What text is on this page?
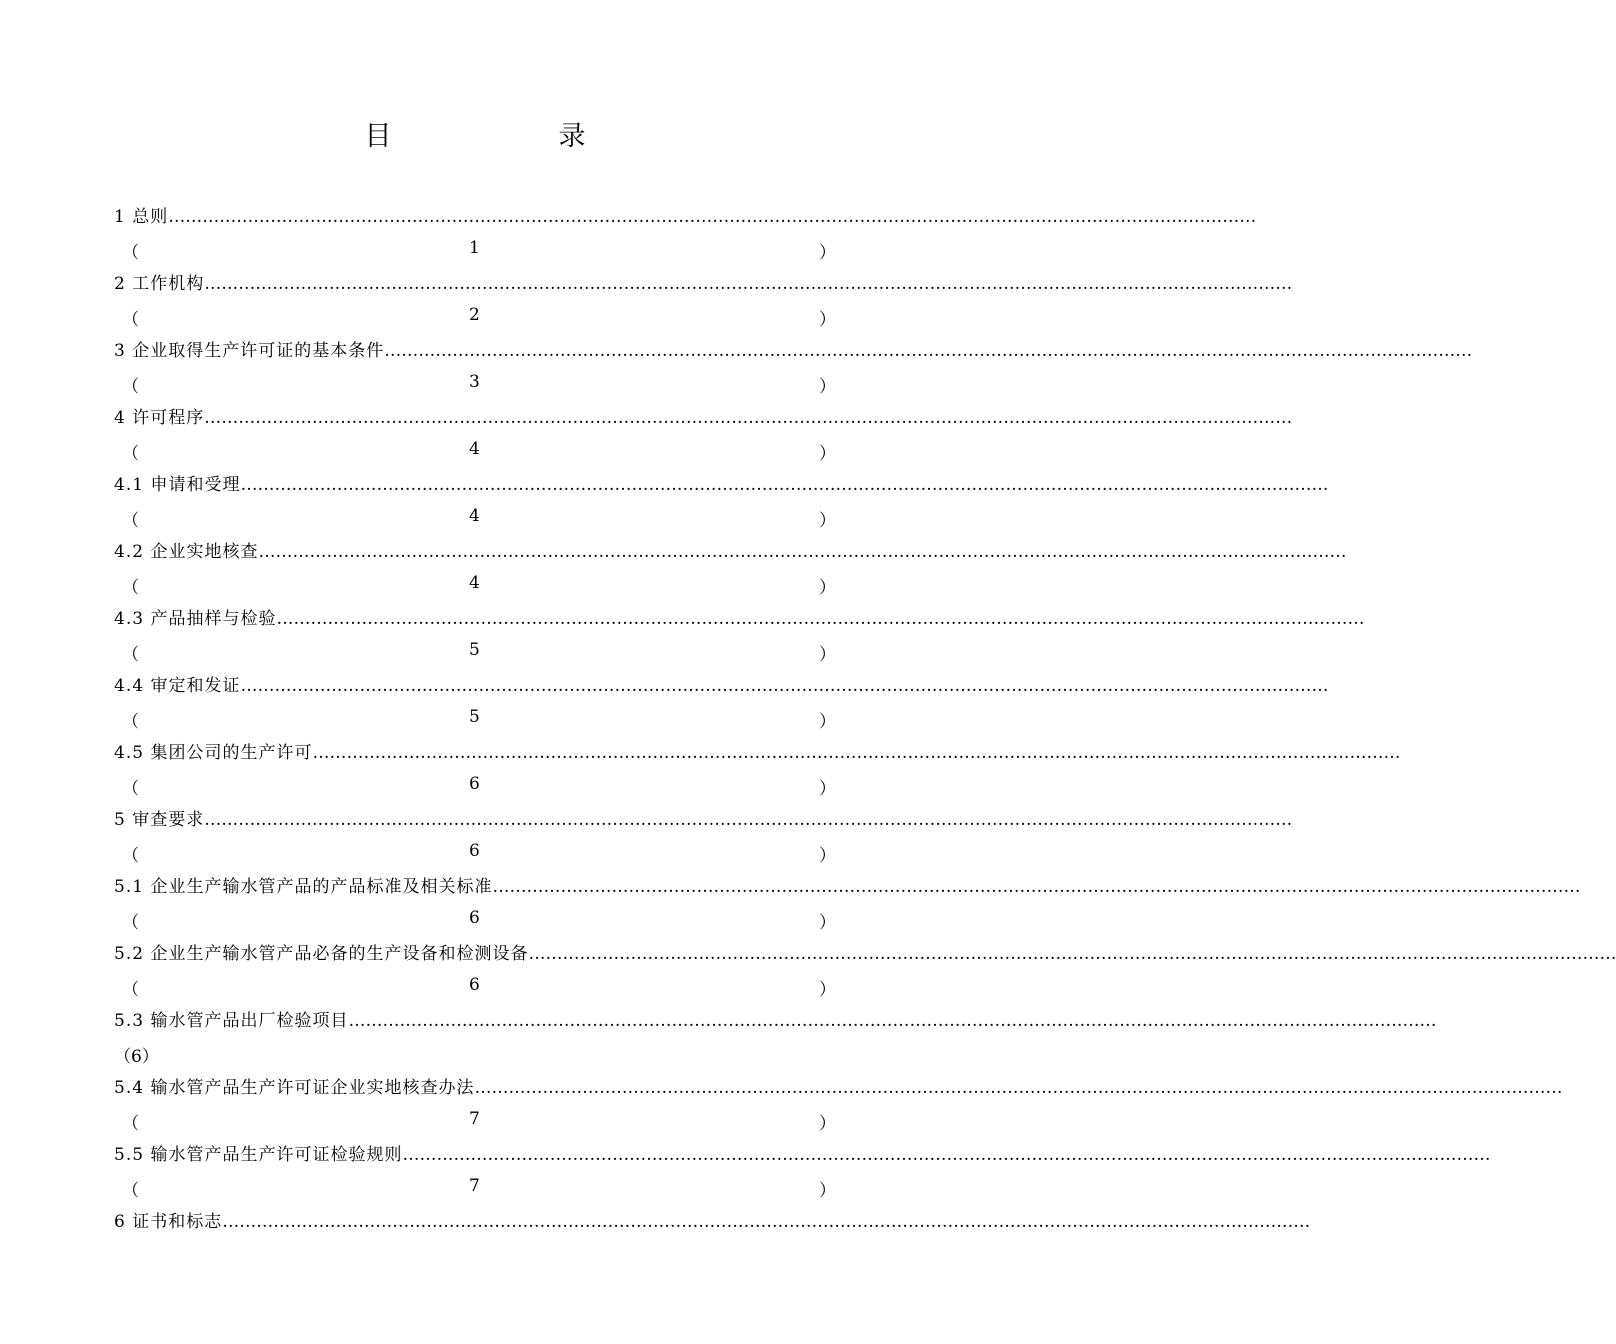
目　录
1 总则 …………………………………………………………………………………………………………………………………………………………………………
（	1	）
2 工作机构 …………………………………………………………………………………………………………………………………………………………………………
（	2	）
3 企业取得生产许可证的基本条件 …………………………………………………………………………………………………………………………………………………………………………
（	3	）
4 许可程序 …………………………………………………………………………………………………………………………………………………………………………
（	4	）
4.1 申请和受理 …………………………………………………………………………………………………………………………………………………………………………
（	4	）
4.2 企业实地核查 …………………………………………………………………………………………………………………………………………………………………………
（	4	）
4.3 产品抽样与检验 …………………………………………………………………………………………………………………………………………………………………………
（	5	）
4.4 审定和发证 …………………………………………………………………………………………………………………………………………………………………………
（	5	）
4.5 集团公司的生产许可 …………………………………………………………………………………………………………………………………………………………………………
（	6	）
5 审查要求 …………………………………………………………………………………………………………………………………………………………………………
（	6	）
5.1 企业生产输水管产品的产品标准及相关标准 …………………………………………………………………………………………………………………………………………………………………………
（	6	）
5.2 企业生产输水管产品必备的生产设备和检测设备 …………………………………………………………………………………………………………………………………………………………………………
（	6	）
5.3 输水管产品出厂检验项目 …………………………………………………………………………………………………………………………………………………………………………
（6）
5.4 输水管产品生产许可证企业实地核查办法 …………………………………………………………………………………………………………………………………………………………………………
（	7	）
5.5 输水管产品生产许可证检验规则 …………………………………………………………………………………………………………………………………………………………………………
（	7	）
6 证书和标志 …………………………………………………………………………………………………………………………………………………………………………
